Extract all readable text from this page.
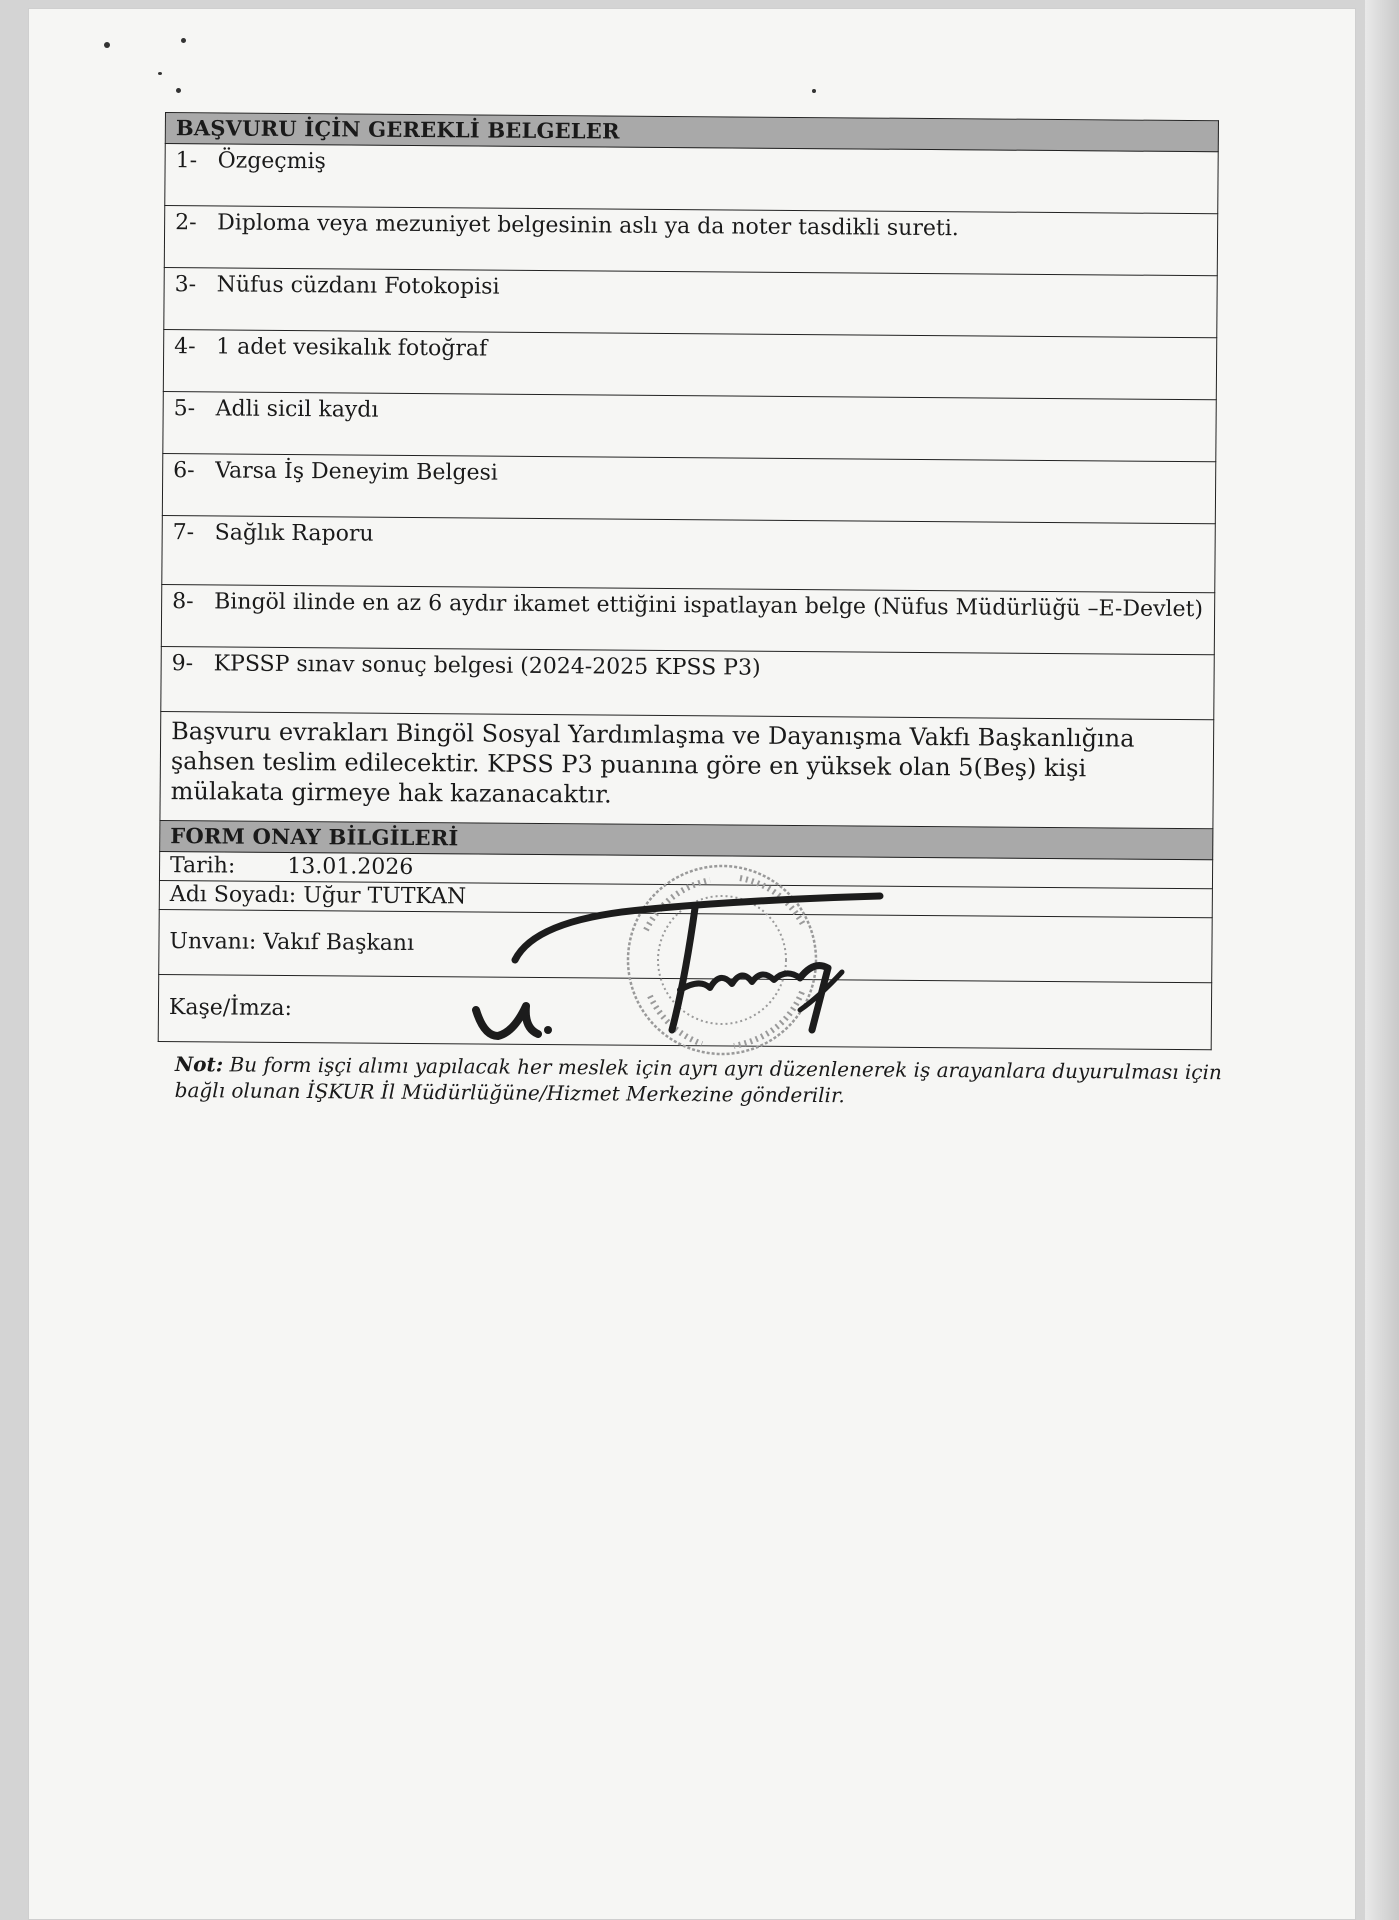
BAŞVURU İÇİN GEREKLİ BELGELER
1- Özgeçmiş
2- Diploma veya mezuniyet belgesinin aslı ya da noter tasdikli sureti.
3- Nüfus cüzdanı Fotokopisi
4- 1 adet vesikalık fotoğraf
5- Adli sicil kaydı
6- Varsa İş Deneyim Belgesi
7- Sağlık Raporu
8- Bingöl ilinde en az 6 aydır ikamet ettiğini ispatlayan belge (Nüfus Müdürlüğü –E-Devlet)
9- KPSSP sınav sonuç belgesi (2024-2025 KPSS P3)
Başvuru evrakları Bingöl Sosyal Yardımlaşma ve Dayanışma Vakfı Başkanlığına şahsen teslim edilecektir. KPSS P3 puanına göre en yüksek olan 5(Beş) kişi mülakata girmeye hak kazanacaktır.
FORM ONAY BİLGİLERİ
Tarih: 13.01.2026
Adı Soyadı: Uğur TUTKAN
Unvanı: Vakıf Başkanı
Kaşe/İmza:
Not: Bu form işçi alımı yapılacak her meslek için ayrı ayrı düzenlenerek iş arayanlara duyurulması için bağlı olunan İŞKUR İl Müdürlüğüne/Hizmet Merkezine gönderilir.
